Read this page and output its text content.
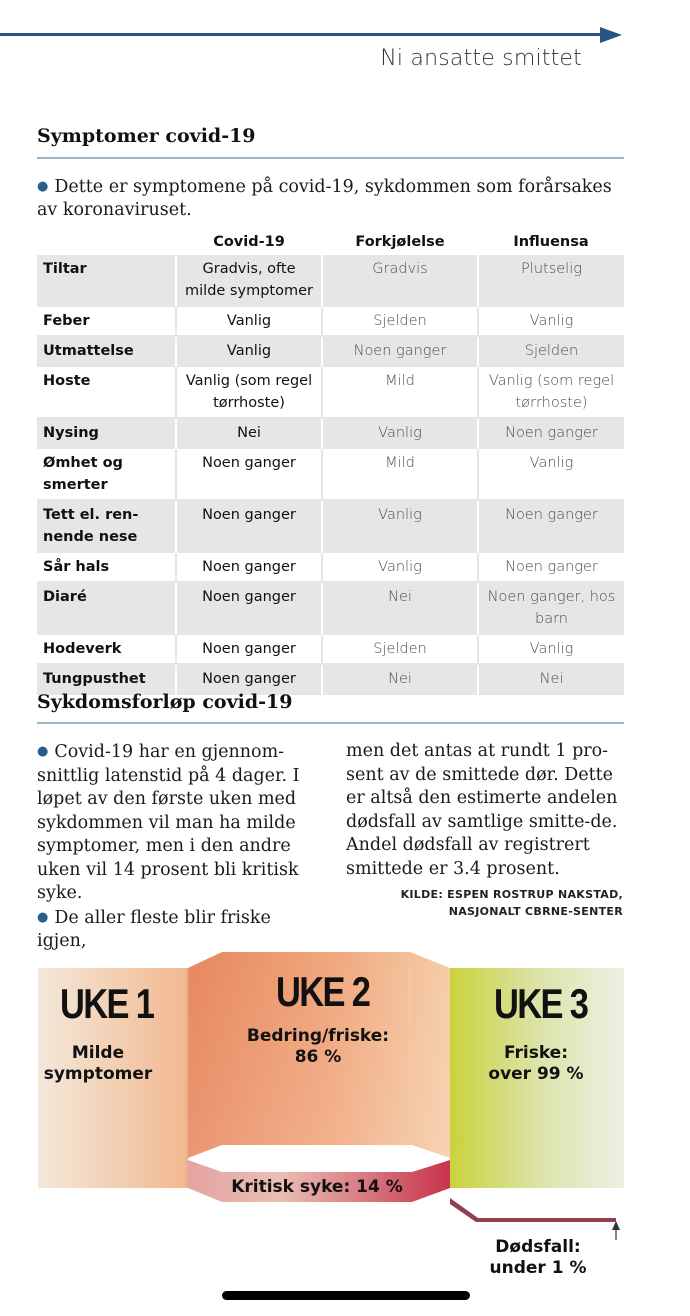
Ni ansatte smittet
Symptomer covid-19
● Dette er symptomene på covid-19, sykdommen som forårsakes av koronaviruset.
	Covid-19	Forkjølelse	Influensa
Tiltar	Gradvis, ofte milde symptomer	Gradvis	Plutselig
Feber	Vanlig	Sjelden	Vanlig
Utmattelse	Vanlig	Noen ganger	Sjelden
Hoste	Vanlig (som regel tørrhoste)	Mild	Vanlig (som regel tørrhoste)
Nysing	Nei	Vanlig	Noen ganger
Ømhet og smerter	Noen ganger	Mild	Vanlig
Tett el. ren-nende nese	Noen ganger	Vanlig	Noen ganger
Sår hals	Noen ganger	Vanlig	Noen ganger
Diaré	Noen ganger	Nei	Noen ganger, hos barn
Hodeverk	Noen ganger	Sjelden	Vanlig
Tungpusthet	Noen ganger	Nei	Nei
Sykdomsforløp covid-19
● Covid-19 har en gjennom-snittlig latenstid på 4 dager. I løpet av den første uken med sykdommen vil man ha milde symptomer, men i den andre uken vil 14 prosent bli kritisk syke.
● De aller fleste blir friske igjen,
men det antas at rundt 1 pro-sent av de smittede dør. Dette er altså den estimerte andelen dødsfall av samtlige smitte-de. Andel dødsfall av registrert smittede er 3.4 prosent.
KILDE: ESPEN ROSTRUP NAKSTAD,
NASJONALT CBRNE-SENTER
UKE 1
Milde
symptomer
UKE 2
Bedring/friske:
86 %
UKE 3
Friske:
over 99 %
Kritisk syke: 14 %
Dødsfall:
under 1 %
